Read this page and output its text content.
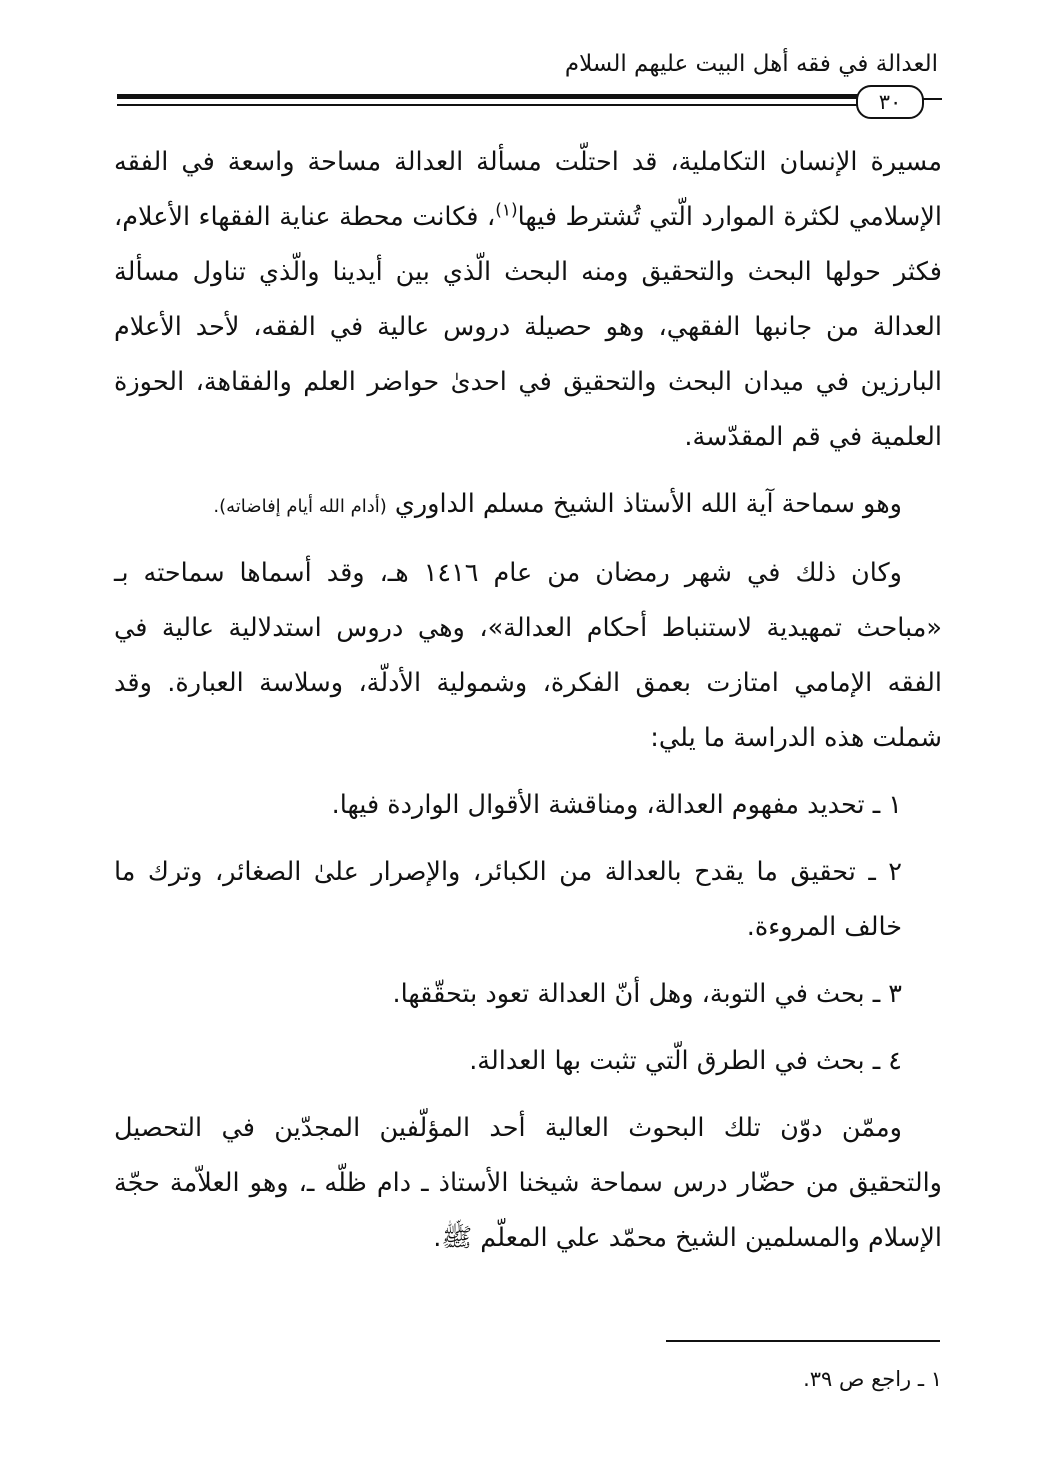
العدالة في فقه أهل البيت عليهم السلام
٣٠

مسيرة الإنسان التكاملية، قد احتلّت مسألة العدالة مساحة واسعة في الفقه الإسلامي لكثرة الموارد الّتي تُشترط فيها$^{(١)}$، فكانت محطة عناية الفقهاء الأعلام، فكثر حولها البحث والتحقيق ومنه البحث الّذي بين أيدينا والّذي تناول مسألة العدالة من جانبها الفقهي، وهو حصيلة دروس عالية في الفقه، لأحد الأعلام البارزين في ميدان البحث والتحقيق في احدىٰ حواضر العلم والفقاهة، الحوزة العلمية في قم المقدّسة.

وهو سماحة آية الله الأستاذ الشيخ مسلم الداوري (أدام الله أيام إفاضاته).

وكان ذلك في شهر رمضان من عام ١٤١٦ هـ، وقد أسماها سماحته بـ «مباحث تمهيدية لاستنباط أحكام العدالة»، وهي دروس استدلالية عالية في الفقه الإمامي امتازت بعمق الفكرة، وشمولية الأدلّة، وسلاسة العبارة. وقد شملت هذه الدراسة ما يلي:

١ ـ تحديد مفهوم العدالة، ومناقشة الأقوال الواردة فيها.

٢ ـ تحقيق ما يقدح بالعدالة من الكبائر، والإصرار علىٰ الصغائر، وترك ما خالف المروءة.

٣ ـ بحث في التوبة، وهل أنّ العدالة تعود بتحقّقها.

٤ ـ بحث في الطرق الّتي تثبت بها العدالة.

وممّن دوّن تلك البحوث العالية أحد المؤلّفين المجدّين في التحصيل والتحقيق من حضّار درس سماحة شيخنا الأستاذ ـ دام ظلّه ـ، وهو العلاّمة حجّة الإسلام والمسلمين الشيخ محمّد علي المعلّم ﷺ.

١ ـ راجع ص ٣٩.
